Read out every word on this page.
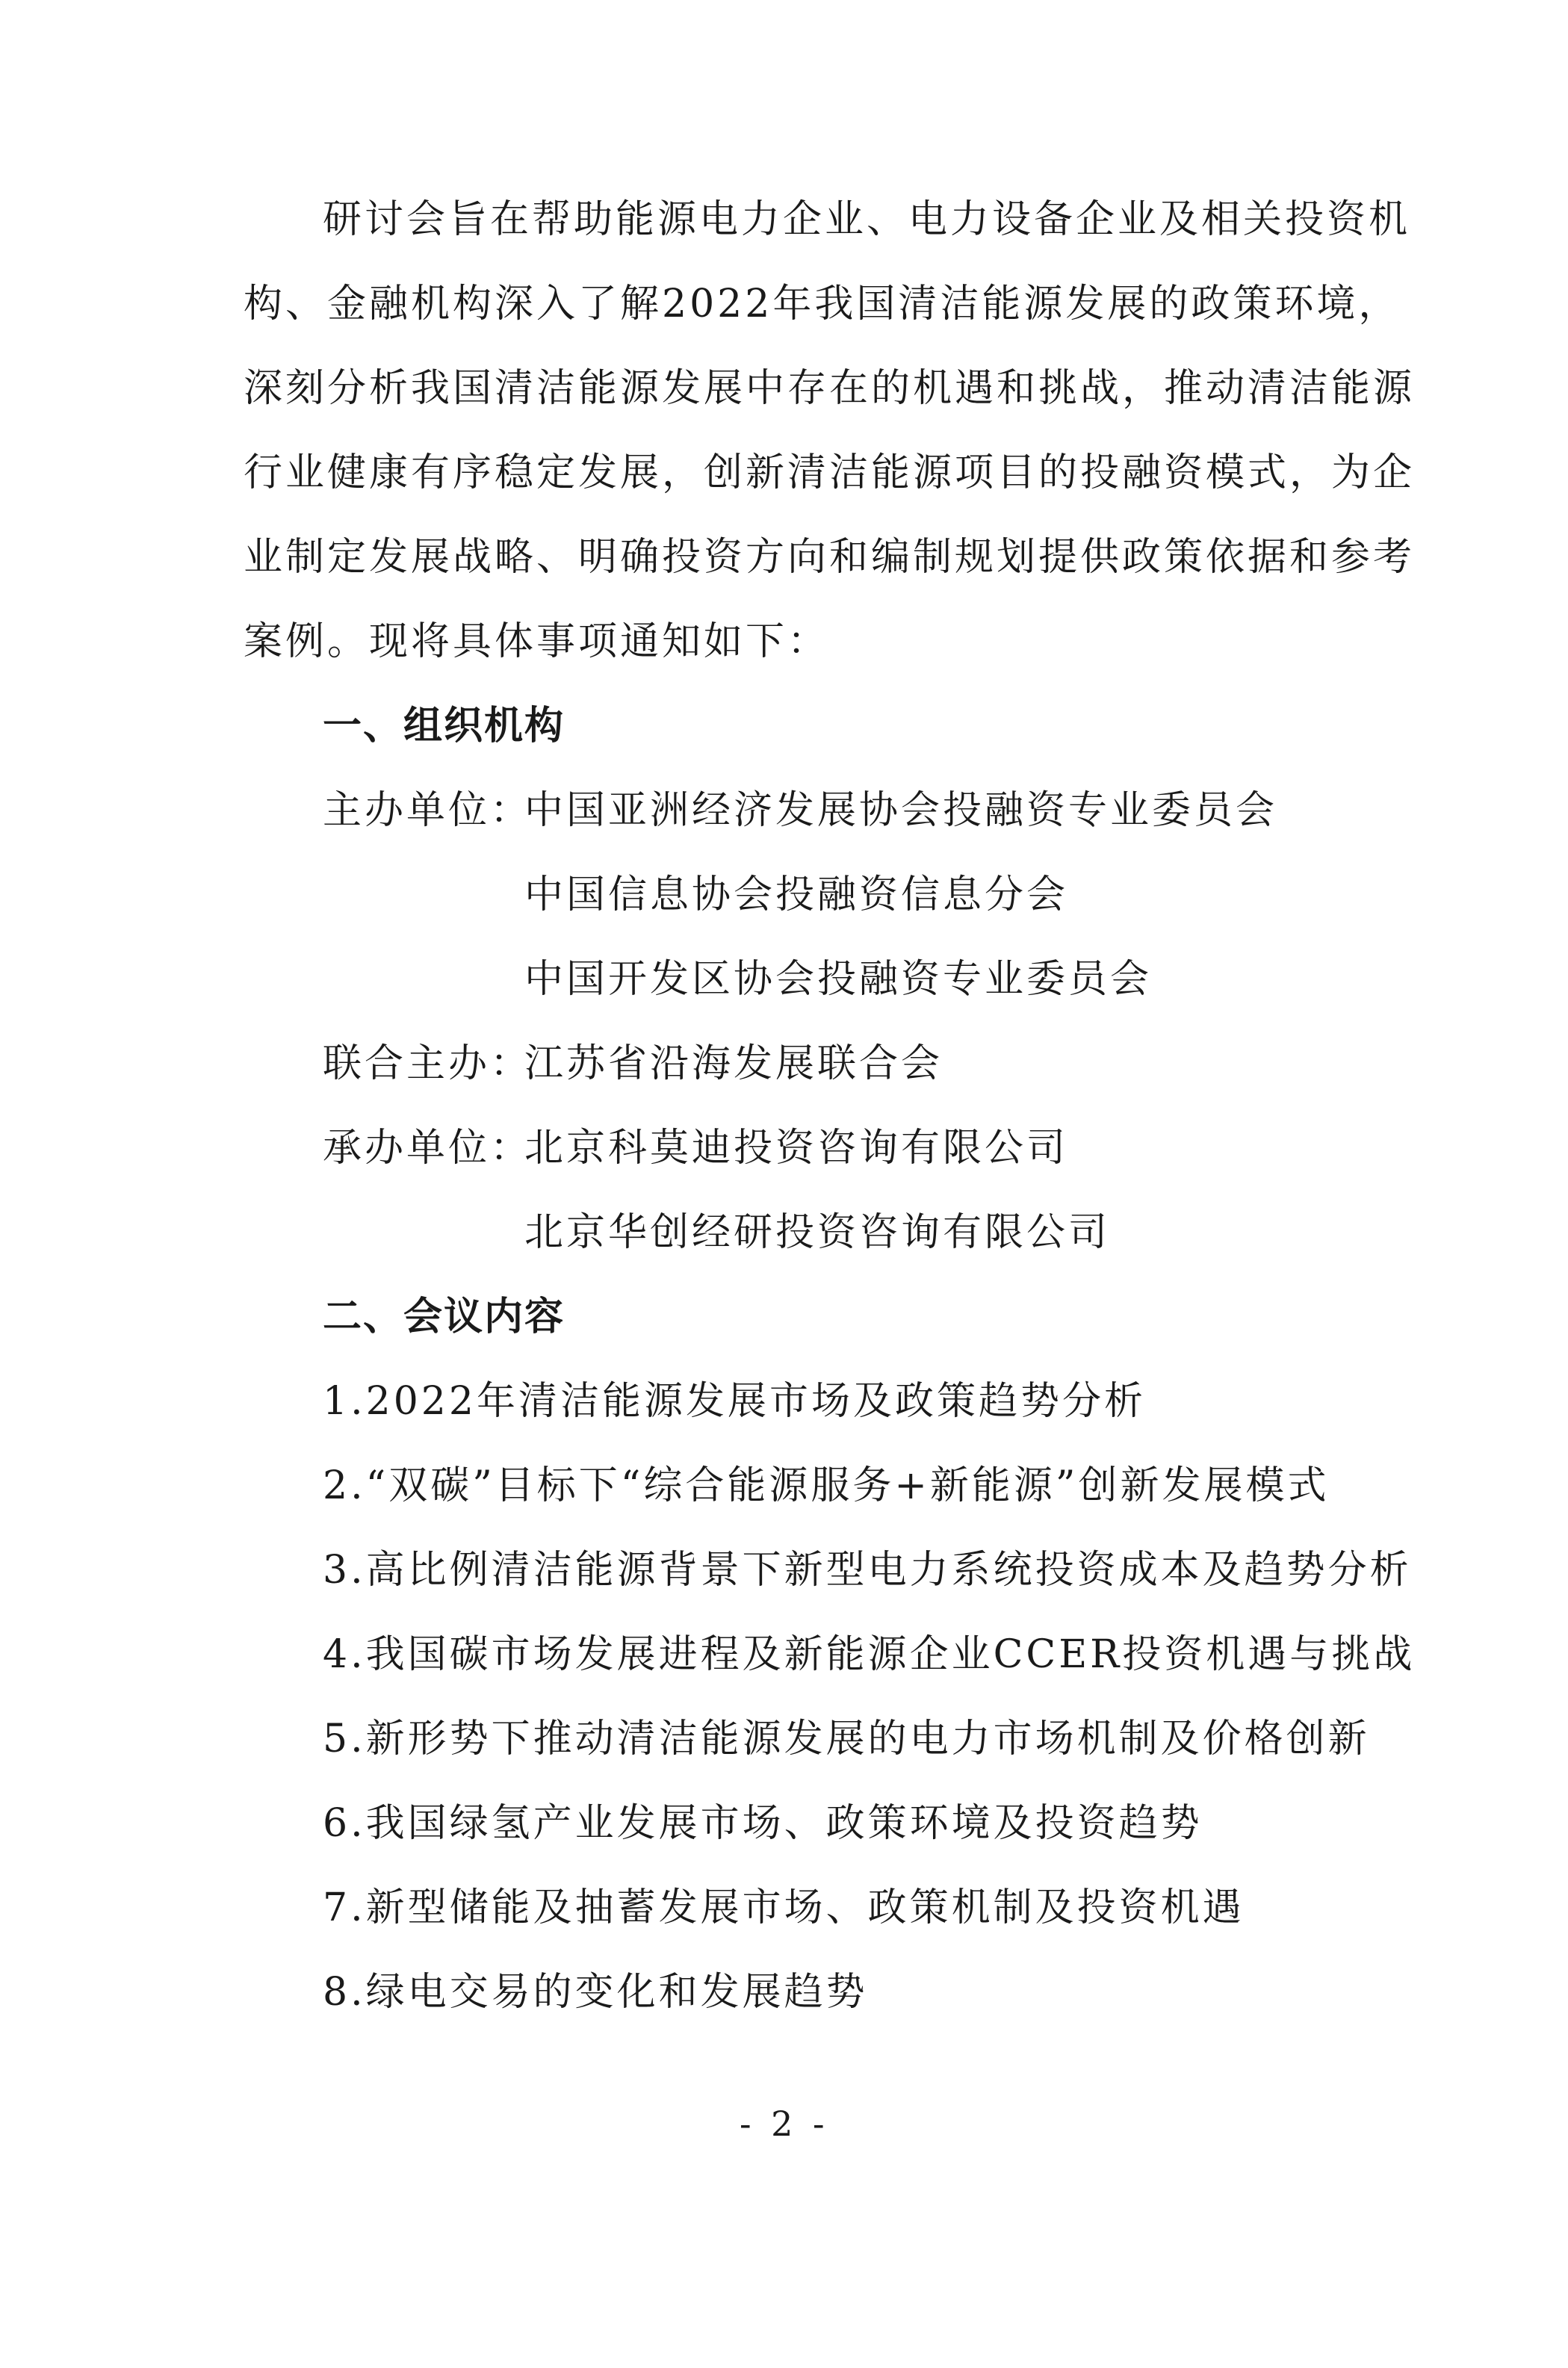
研讨会旨在帮助能源电力企业、电力设备企业及相关投资机
构、金融机构深入了解2022年我国清洁能源发展的政策环境，
深刻分析我国清洁能源发展中存在的机遇和挑战，推动清洁能源
行业健康有序稳定发展，创新清洁能源项目的投融资模式，为企
业制定发展战略、明确投资方向和编制规划提供政策依据和参考
案例。现将具体事项通知如下：
一、组织机构
主办单位：
中国亚洲经济发展协会投融资专业委员会
中国信息协会投融资信息分会
中国开发区协会投融资专业委员会
联合主办：
江苏省沿海发展联合会
承办单位：
北京科莫迪投资咨询有限公司
北京华创经研投资咨询有限公司
二、会议内容
1.2022年清洁能源发展市场及政策趋势分析
2.“双碳”目标下“综合能源服务+新能源”创新发展模式
3.高比例清洁能源背景下新型电力系统投资成本及趋势分析
4.我国碳市场发展进程及新能源企业CCER投资机遇与挑战
5.新形势下推动清洁能源发展的电力市场机制及价格创新
6.我国绿氢产业发展市场、政策环境及投资趋势
7.新型储能及抽蓄发展市场、政策机制及投资机遇
8.绿电交易的变化和发展趋势
- 2 -
